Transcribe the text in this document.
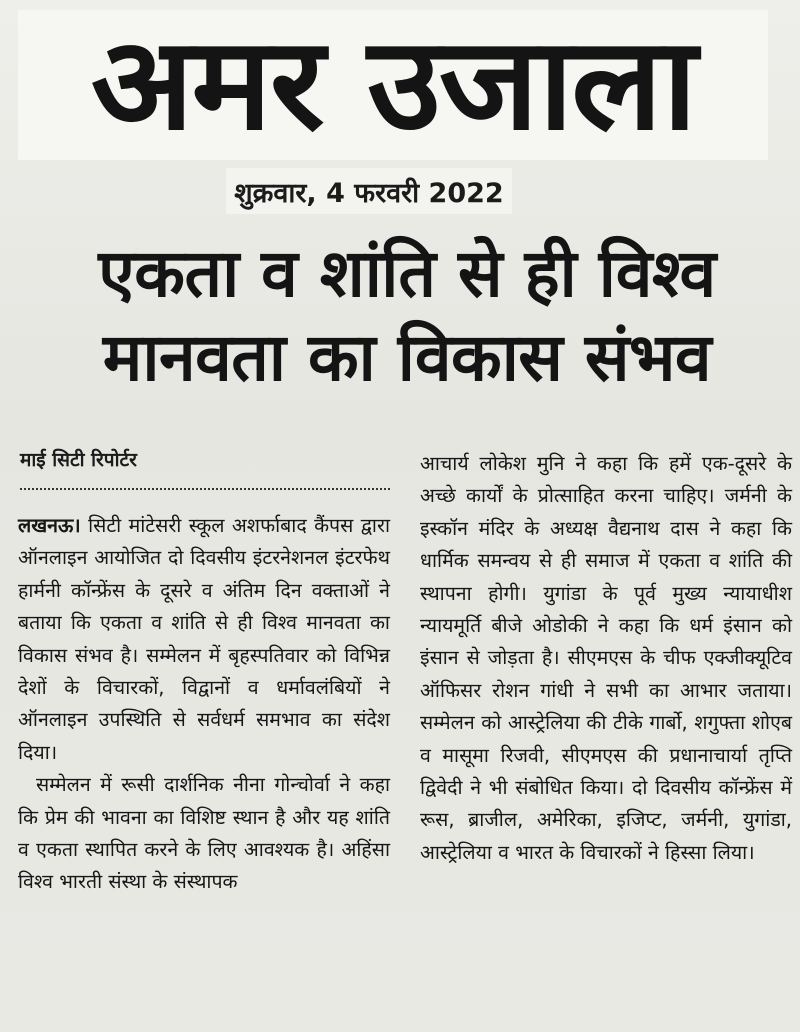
अमर उजाला
शुक्रवार, 4 फरवरी 2022
एकता व शांति से ही विश्व
मानवता का विकास संभव
माई सिटी रिपोर्टर

लखनऊ। सिटी मांटेसरी स्कूल अशर्फाबाद कैंपस द्वारा ऑनलाइन आयोजित दो दिवसीय इंटरनेशनल इंटरफेथ हार्मनी कॉन्फ्रेंस के दूसरे व अंतिम दिन वक्ताओं ने बताया कि एकता व शांति से ही विश्व मानवता का विकास संभव है। सम्मेलन में बृहस्पतिवार को विभिन्न देशों के विचारकों, विद्वानों व धर्मावलंबियों ने ऑनलाइन उपस्थिति से सर्वधर्म समभाव का संदेश दिया।

सम्मेलन में रूसी दार्शनिक नीना गोन्चोर्वा ने कहा कि प्रेम की भावना का विशिष्ट स्थान है और यह शांति व एकता स्थापित करने के लिए आवश्यक है। अहिंसा विश्व भारती संस्था के संस्थापक

आचार्य लोकेश मुनि ने कहा कि हमें एक-दूसरे के अच्छे कार्यों के प्रोत्साहित करना चाहिए। जर्मनी के इस्कॉन मंदिर के अध्यक्ष वैद्यनाथ दास ने कहा कि धार्मिक समन्वय से ही समाज में एकता व शांति की स्थापना होगी। युगांडा के पूर्व मुख्य न्यायाधीश न्यायमूर्ति बीजे ओडोकी ने कहा कि धर्म इंसान को इंसान से जोड़ता है। सीएमएस के चीफ एक्जीक्यूटिव ऑफिसर रोशन गांधी ने सभी का आभार जताया। सम्मेलन को आस्ट्रेलिया की टीके गार्बो, शगुफ्ता शोएब व मासूमा रिजवी, सीएमएस की प्रधानाचार्या तृप्ति द्विवेदी ने भी संबोधित किया। दो दिवसीय कॉन्फ्रेंस में रूस, ब्राजील, अमेरिका, इजिप्ट, जर्मनी, युगांडा, आस्ट्रेलिया व भारत के विचारकों ने हिस्सा लिया।
